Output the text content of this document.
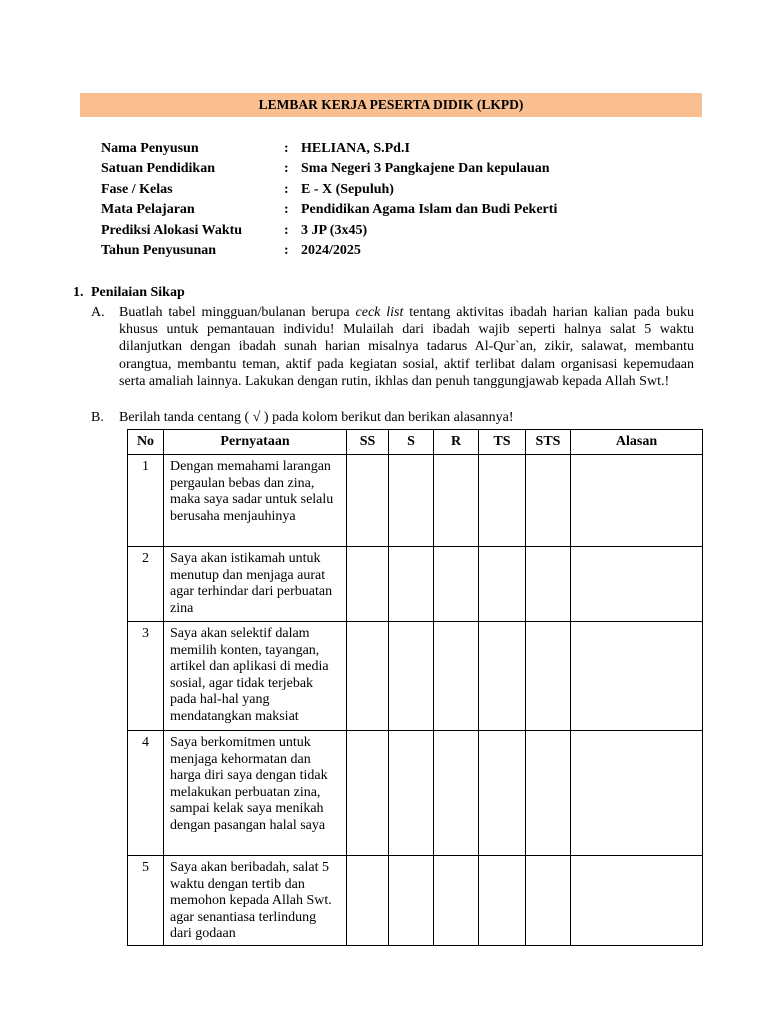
LEMBAR KERJA PESERTA DIDIK (LKPD)
Nama Penyusun	: HELIANA, S.Pd.I
Satuan Pendidikan	: Sma Negeri 3 Pangkajene Dan kepulauan
Fase / Kelas	: E - X (Sepuluh)
Mata Pelajaran	: Pendidikan Agama Islam dan Budi Pekerti
Prediksi Alokasi Waktu	: 3 JP (3x45)
Tahun Penyusunan	: 2024/2025
1. Penilaian Sikap
A. Buatlah tabel mingguan/bulanan berupa ceck list tentang aktivitas ibadah harian kalian pada buku khusus untuk pemantauan individu! Mulailah dari ibadah wajib seperti halnya salat 5 waktu dilanjutkan dengan ibadah sunah harian misalnya tadarus Al-Qur`an, zikir, salawat, membantu orangtua, membantu teman, aktif pada kegiatan sosial, aktif terlibat dalam organisasi kepemudaan serta amaliah lainnya. Lakukan dengan rutin, ikhlas dan penuh tanggungjawab kepada Allah Swt.!
B. Berilah tanda centang ( √ ) pada kolom berikut dan berikan alasannya!
No	Pernyataan	SS	S	R	TS	STS	Alasan
1	Dengan memahami larangan pergaulan bebas dan zina, maka saya sadar untuk selalu berusaha menjauhinya						
2	Saya akan istikamah untuk menutup dan menjaga aurat agar terhindar dari perbuatan zina						
3	Saya akan selektif dalam memilih konten, tayangan, artikel dan aplikasi di media sosial, agar tidak terjebak pada hal-hal yang mendatangkan maksiat						
4	Saya berkomitmen untuk menjaga kehormatan dan harga diri saya dengan tidak melakukan perbuatan zina, sampai kelak saya menikah dengan pasangan halal saya						
5	Saya akan beribadah, salat 5 waktu dengan tertib dan memohon kepada Allah Swt. agar senantiasa terlindung dari godaan						
